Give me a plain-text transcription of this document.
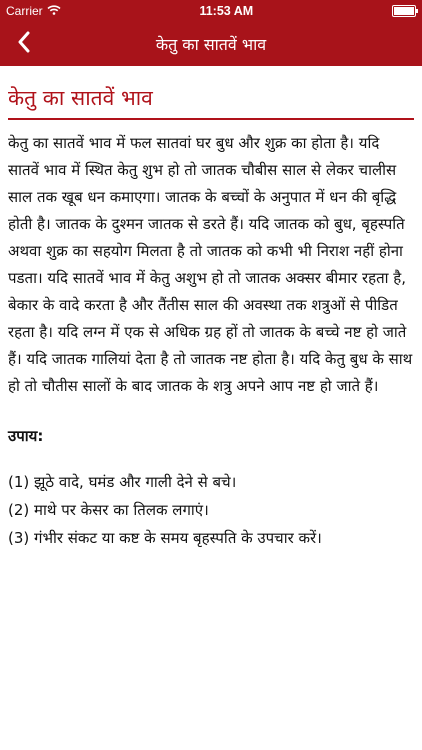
Carrier	11:53 AM
केतु का सातवें भाव
केतु का सातवें भाव

केतु का सातवें भाव में फल सातवां घर बुध और शुक्र का होता है। यदि सातवें भाव में स्थित केतु शुभ हो तो जातक चौबीस साल से लेकर चालीस साल तक खूब धन कमाएगा। जातक के बच्चों के अनुपात में धन की बृद्धि होती है। जातक के दुश्मन जातक से डरते हैं। यदि जातक को बुध, बृहस्पति अथवा शुक्र का सहयोग मिलता है तो जातक को कभी भी निराश नहीं होना पडता। यदि सातवें भाव में केतु अशुभ हो तो जातक अक्सर बीमार रहता है, बेकार के वादे करता है और तैंतीस साल की अवस्था तक शत्रुओं से पीडित रहता है। यदि लग्न में एक से अधिक ग्रह हों तो जातक के बच्चे नष्ट हो जाते हैं। यदि जातक गालियां देता है तो जातक नष्ट होता है। यदि केतु बुध के साथ हो तो चौतीस सालों के बाद जातक के शत्रु अपने आप नष्ट हो जाते हैं।

उपाय:
(1) झूठे वादे, घमंड और गाली देने से बचे।
(2) माथे पर केसर का तिलक लगाएं।
(3) गंभीर संकट या कष्ट के समय बृहस्पति के उपचार करें।
